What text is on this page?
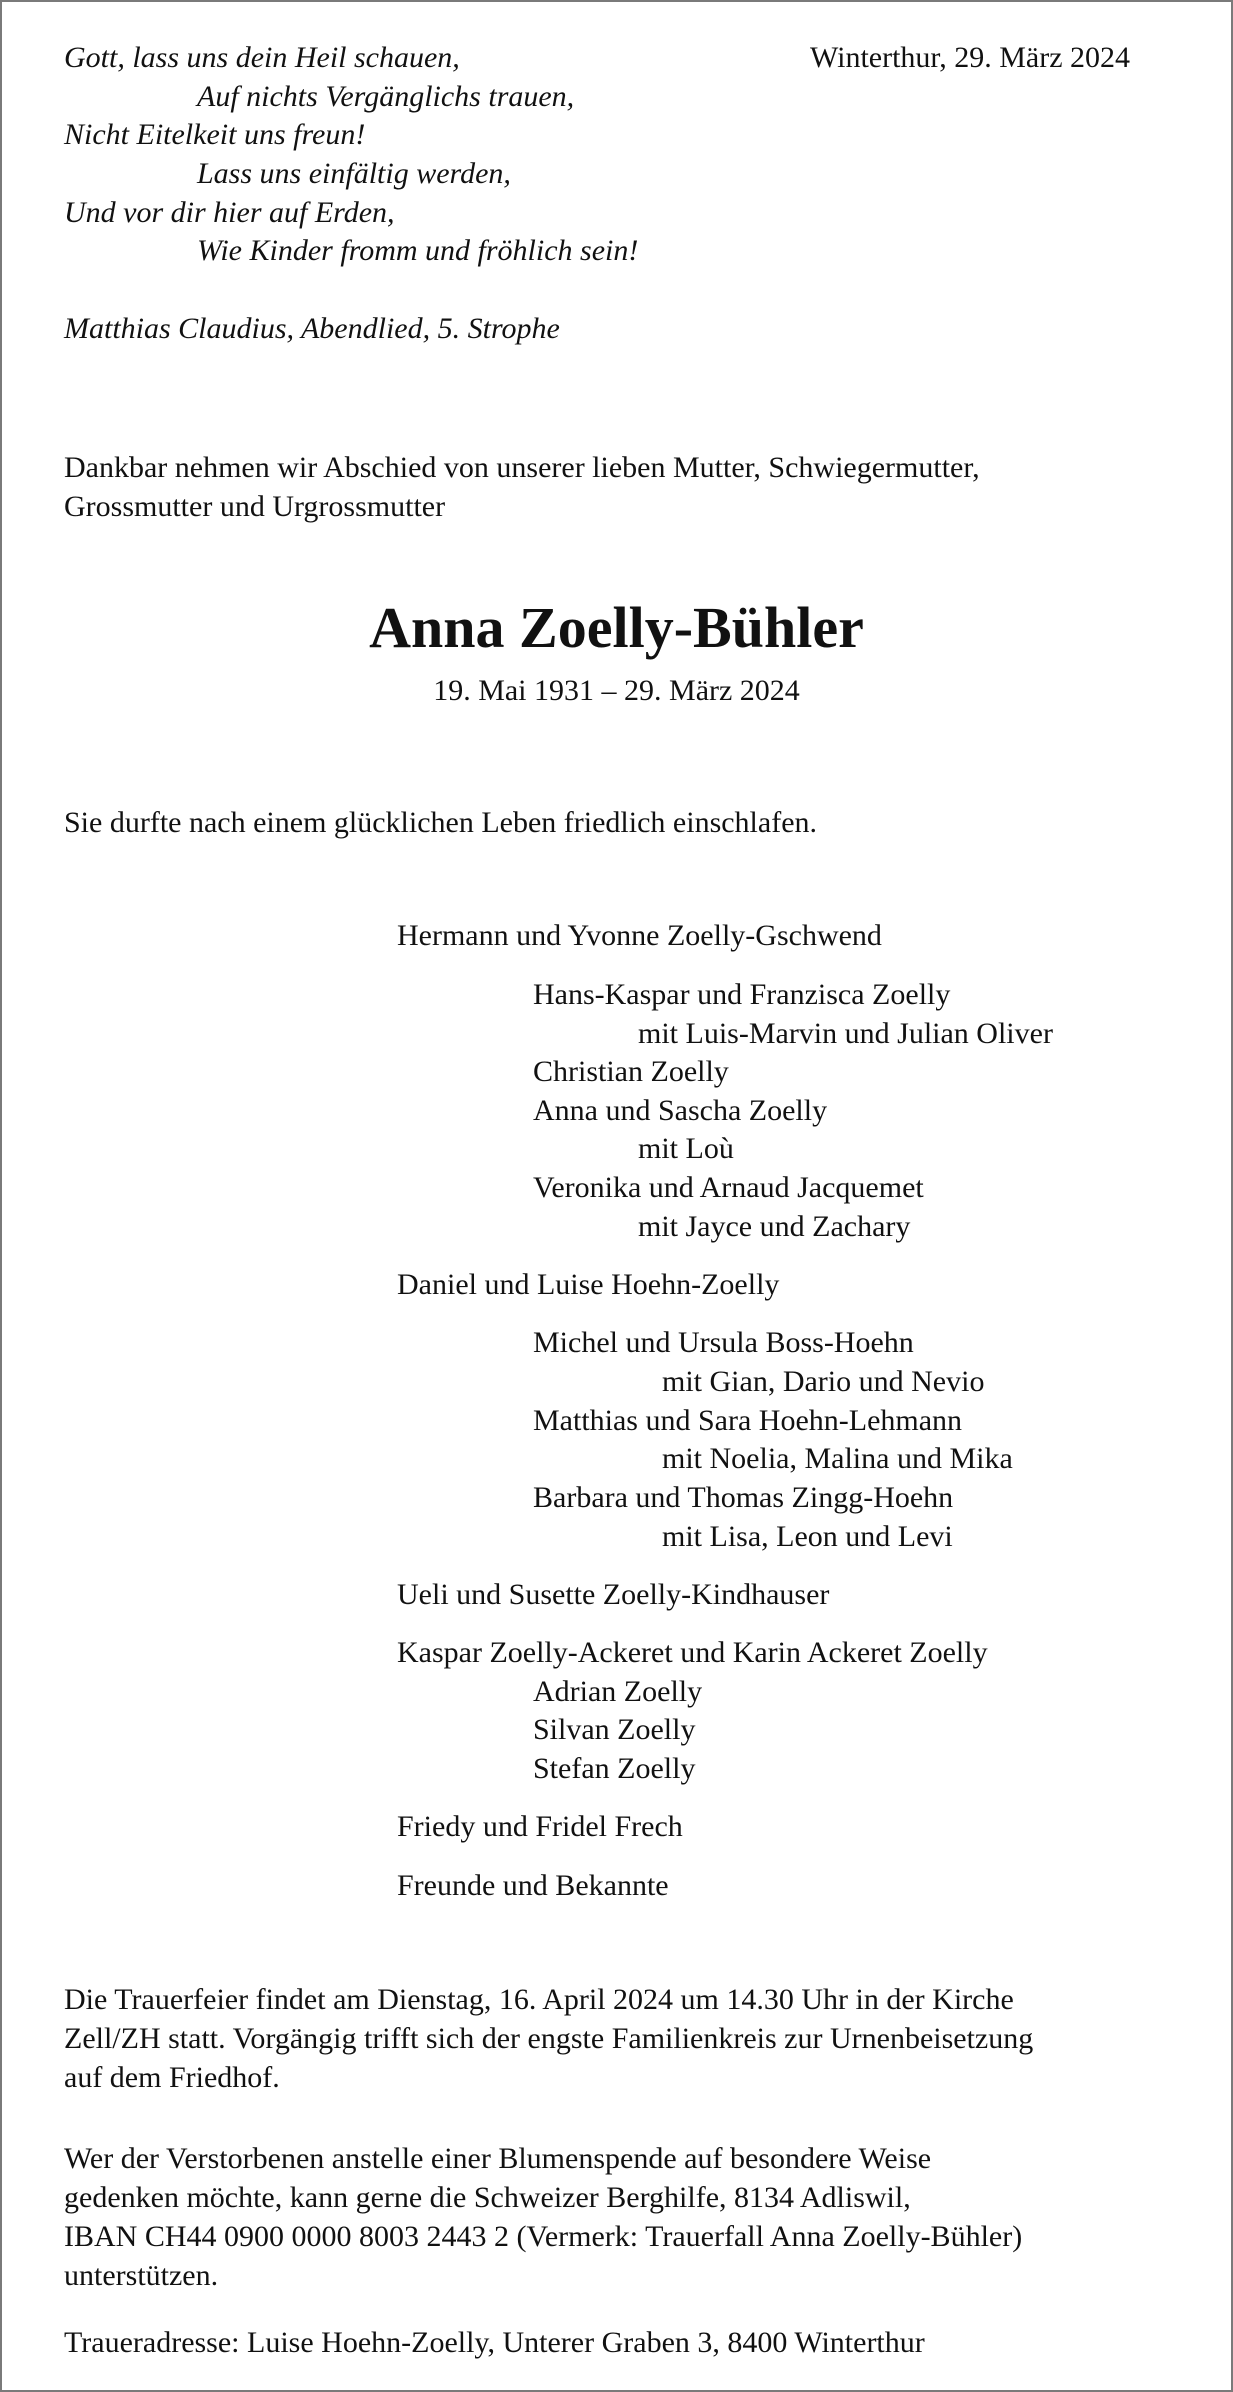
Winterthur, 29. März 2024
Gott, lass uns dein Heil schauen,
Auf nichts Vergänglichs trauen,
Nicht Eitelkeit uns freun!
Lass uns einfältig werden,
Und vor dir hier auf Erden,
Wie Kinder fromm und fröhlich sein!
Matthias Claudius, Abendlied, 5. Strophe
Dankbar nehmen wir Abschied von unserer lieben Mutter, Schwiegermutter,
Grossmutter und Urgrossmutter
Anna Zoelly-Bühler
19. Mai 1931 – 29. März 2024
Sie durfte nach einem glücklichen Leben friedlich einschlafen.
Hermann und Yvonne Zoelly-Gschwend
Hans-Kaspar und Franzisca Zoelly
mit Luis-Marvin und Julian Oliver
Christian Zoelly
Anna und Sascha Zoelly
mit Loù
Veronika und Arnaud Jacquemet
mit Jayce und Zachary
Daniel und Luise Hoehn-Zoelly
Michel und Ursula Boss-Hoehn
mit Gian, Dario und Nevio
Matthias und Sara Hoehn-Lehmann
mit Noelia, Malina und Mika
Barbara und Thomas Zingg-Hoehn
mit Lisa, Leon und Levi
Ueli und Susette Zoelly-Kindhauser
Kaspar Zoelly-Ackeret und Karin Ackeret Zoelly
Adrian Zoelly
Silvan Zoelly
Stefan Zoelly
Friedy und Fridel Frech
Freunde und Bekannte
Die Trauerfeier findet am Dienstag, 16. April 2024 um 14.30 Uhr in der Kirche
Zell/ZH statt. Vorgängig trifft sich der engste Familienkreis zur Urnenbeisetzung
auf dem Friedhof.
Wer der Verstorbenen anstelle einer Blumenspende auf besondere Weise
gedenken möchte, kann gerne die Schweizer Berghilfe, 8134 Adliswil,
IBAN CH44 0900 0000 8003 2443 2 (Vermerk: Trauerfall Anna Zoelly-Bühler)
unterstützen.
Traueradresse: Luise Hoehn-Zoelly, Unterer Graben 3, 8400 Winterthur
